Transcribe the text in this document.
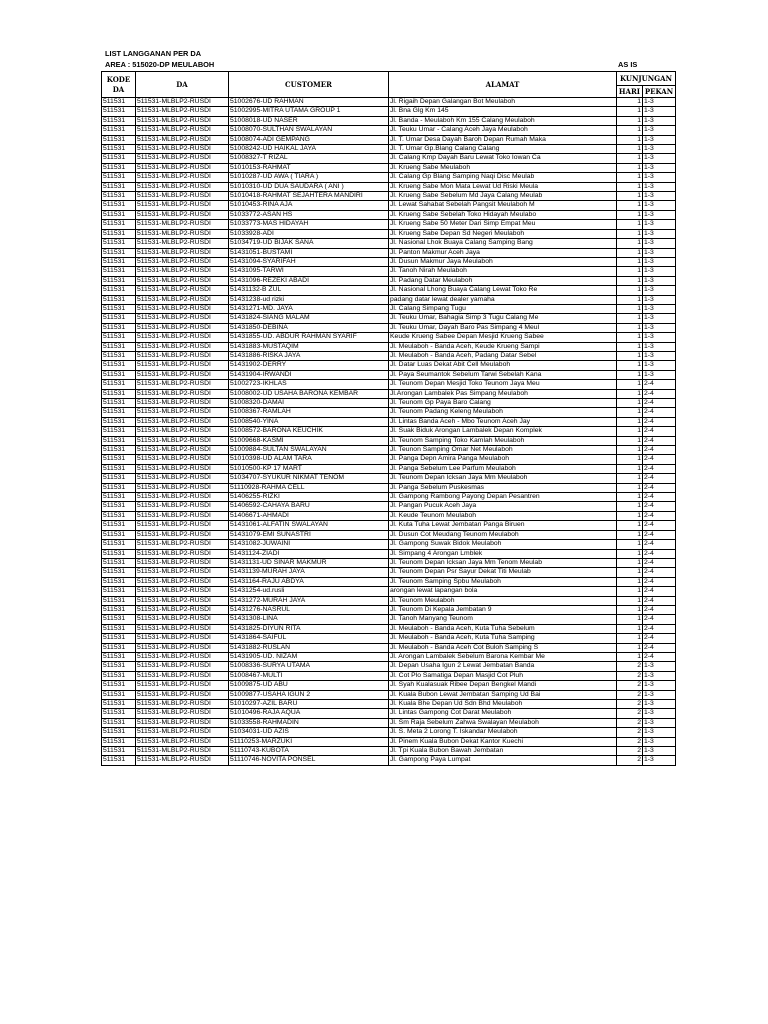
LIST LANGGANAN PER DA
AREA : 515020-DP MEULABOH	AS IS
KODE DA	DA	CUSTOMER	ALAMAT	KUNJUNGAN	
				HARI	PEKAN
511531	511531-MLBLP2-RUSDI	51002676-UD RAHMAN	Jl. Rigaih Depan Galangan Bot Meulaboh	1	1-3
511531	511531-MLBLP2-RUSDI	51002995-MITRA UTAMA GROUP 1	Jl. Bna Glg Km 145	1	1-3
511531	511531-MLBLP2-RUSDI	51008018-UD NASER	Jl. Banda - Meulaboh Km 155 Calang Meulaboh	1	1-3
511531	511531-MLBLP2-RUSDI	51008070-SULTHAN SWALAYAN	Jl. Teuku Umar - Calang Aceh Jaya Meulaboh	1	1-3
511531	511531-MLBLP2-RUSDI	51008074-ADI GEMPANG	Jl. T. Umar Desa Dayah Baroh Depan Rumah Maka	1	1-3
511531	511531-MLBLP2-RUSDI	51008242-UD HAIKAL JAYA	Jl. T. Umar Gp.Blang Calang Calang	1	1-3
511531	511531-MLBLP2-RUSDI	51008327-T RIZAL	Jl. Calang Kmp Dayah Baru Lewat Toko Iowan Ca	1	1-3
511531	511531-MLBLP2-RUSDI	51010153-RAHMAT	Jl. Krueng Sabe Meulaboh	1	1-3
511531	511531-MLBLP2-RUSDI	51010287-UD AWA ( TIARA )	Jl. Calang Gp Blang Samping Naqi Disc Meulab	1	1-3
511531	511531-MLBLP2-RUSDI	51010310-UD DUA SAUDARA ( ANI )	Jl. Krueng Sabe Mon Mata Lewat Ud Riski Meula	1	1-3
511531	511531-MLBLP2-RUSDI	51010418-RAHMAT SEJAHTERA MANDIRI	Jl. Krueng Sabe Sebelum Md Jaya Calang Meulab	1	1-3
511531	511531-MLBLP2-RUSDI	51010453-RINA AJA	Jl. Lewat Sahabat Sebelah Pangsit Meulaboh M	1	1-3
511531	511531-MLBLP2-RUSDI	51033772-ASAN HS	Jl. Krueng Sabe Sebelah Toko Hidayah Meulabo	1	1-3
511531	511531-MLBLP2-RUSDI	51033773-MAS HIDAYAH	Jl. Krueng Sabe 50 Meter Dari Simp Empat Meu	1	1-3
511531	511531-MLBLP2-RUSDI	51033928-ADI	Jl. Krueng Sabe Depan Sd Negeri Meulaboh	1	1-3
511531	511531-MLBLP2-RUSDI	51034719-UD BIJAK SANA	Jl. Nasional Lhok Buaya Calang Samping Bang	1	1-3
511531	511531-MLBLP2-RUSDI	51431051-BUSTAMI	Jl. Panton Makmur Aceh Jaya	1	1-3
511531	511531-MLBLP2-RUSDI	51431094-SYARIFAH	Jl. Dusun Makmur Jaya Meulaboh	1	1-3
511531	511531-MLBLP2-RUSDI	51431095-TARWI	Jl. Tanoh Nirah Meulaboh	1	1-3
511531	511531-MLBLP2-RUSDI	51431096-REZEKI ABADI	Jl. Padang Datar Meulaboh	1	1-3
511531	511531-MLBLP2-RUSDI	51431132-B ZUL	Jl. Nasional Lhong Buaya Calang Lewat Toko Re	1	1-3
511531	511531-MLBLP2-RUSDI	51431238-ud rizki	padang datar lewat dealer yamaha	1	1-3
511531	511531-MLBLP2-RUSDI	51431271-MD. JAYA	Jl. Calang Simpang Tugu	1	1-3
511531	511531-MLBLP2-RUSDI	51431824-SIANG MALAM	Jl. Teuku Umar, Bahagia Simp 3 Tugu Calang Me	1	1-3
511531	511531-MLBLP2-RUSDI	51431850-DEBINA	Jl. Teuku Umar, Dayah Baro Pas Simpang 4 Meul	1	1-3
511531	511531-MLBLP2-RUSDI	51431855-UD. ABDUR RAHMAN SYARIF	Keude Krueng Sabee Depan Mesjid Krueng Sabee	1	1-3
511531	511531-MLBLP2-RUSDI	51431883-MUSTAQIM	Jl. Meulaboh - Banda Aceh, Keude Krueng Sampi	1	1-3
511531	511531-MLBLP2-RUSDI	51431886-RISKA JAYA	Jl. Meulaboh - Banda Aceh, Padang Datar Sebel	1	1-3
511531	511531-MLBLP2-RUSDI	51431902-DERRY	Jl. Datar Luas Dekat Abit Cell Meulaboh	1	1-3
511531	511531-MLBLP2-RUSDI	51431904-IRWANDI	Jl. Paya Seumantok Sebelum Tarwi Sebelah Kana	1	1-3
511531	511531-MLBLP2-RUSDI	51002723-IKHLAS	Jl. Teunom Depan Mesjid Toko Teunom Jaya Meu	1	2-4
511531	511531-MLBLP2-RUSDI	51008002-UD USAHA BARONA KEMBAR	Jl.Arongan Lambalek Pas Simpang Meulaboh	1	2-4
511531	511531-MLBLP2-RUSDI	51008320-DAMAI	Jl. Teunom Gp Paya Baro Calang	1	2-4
511531	511531-MLBLP2-RUSDI	51008367-RAMLAH	Jl. Teunom Padang Keleng Meulaboh	1	2-4
511531	511531-MLBLP2-RUSDI	51008540-YINA	Jl. Lintas Banda Aceh - Mbo Teunom Aceh Jay	1	2-4
511531	511531-MLBLP2-RUSDI	51008572-BARONA KEUCHIK	Jl. Suak Biduk Arongan Lambalek Depan Komplek	1	2-4
511531	511531-MLBLP2-RUSDI	51009668-KASMI	Jl. Teunom Samping Toko Kamlah Meulaboh	1	2-4
511531	511531-MLBLP2-RUSDI	51009884-SULTAN SWALAYAN	Jl. Teunon Samping Omar Net Meulaboh	1	2-4
511531	511531-MLBLP2-RUSDI	51010398-UD ALAM TARA	Jl. Panga Depn Amira Panga Meulaboh	1	2-4
511531	511531-MLBLP2-RUSDI	51010500-KP 17 MART	Jl. Panga Sebelum Lee Parfum Meulaboh	1	2-4
511531	511531-MLBLP2-RUSDI	51034707-SYUKUR NIKMAT TENOM	Jl. Teunom Depan Icksan Jaya Mm Meulaboh	1	2-4
511531	511531-MLBLP2-RUSDI	51110928-RAHMA CELL	Jl. Panga Sebelum Puskesmas	1	2-4
511531	511531-MLBLP2-RUSDI	51406255-RIZKI	Jl. Gampong Rambong Payong Depan Pesantren	1	2-4
511531	511531-MLBLP2-RUSDI	51406592-CAHAYA BARU	Jl. Pangan Pucuk Aceh Jaya	1	2-4
511531	511531-MLBLP2-RUSDI	51406671-AHMADI	Jl. Keude Teunom Meulaboh	1	2-4
511531	511531-MLBLP2-RUSDI	51431061-ALFATIN SWALAYAN	Jl. Kuta Tuha Lewat Jembatan Panga Biruen	1	2-4
511531	511531-MLBLP2-RUSDI	51431079-EMI SUNASTRI	Jl. Dusun Cot Meudang Teunom Meulaboh	1	2-4
511531	511531-MLBLP2-RUSDI	51431082-JUWAINI	Jl. Gampong Suwak Bidok Meulaboh	1	2-4
511531	511531-MLBLP2-RUSDI	51431124-ZIADI	Jl. Simpang 4 Arongan Lmblek	1	2-4
511531	511531-MLBLP2-RUSDI	51431131-UD SINAR MAKMUR	Jl. Teunom Depan Icksan Jaya Mm Tenom Meulab	1	2-4
511531	511531-MLBLP2-RUSDI	51431139-MURAH JAYA	Jl. Teunom Depan Psr Sayur Dekat Titi Meulab	1	2-4
511531	511531-MLBLP2-RUSDI	51431164-RAJU ABDYA	Jl. Teunom Samping Spbu Meulaboh	1	2-4
511531	511531-MLBLP2-RUSDI	51431254-ud.rusli	arongan lewat lapangan bola	1	2-4
511531	511531-MLBLP2-RUSDI	51431272-MURAH JAYA	Jl. Teunom Meulaboh	1	2-4
511531	511531-MLBLP2-RUSDI	51431276-NASRUL	Jl. Teunom Di Kepala Jembatan 9	1	2-4
511531	511531-MLBLP2-RUSDI	51431308-LINA	Jl. Tanoh Manyang Teunom	1	2-4
511531	511531-MLBLP2-RUSDI	51431825-DIYUN RITA	Jl. Meulaboh - Banda Aceh, Kuta Tuha Sebelum	1	2-4
511531	511531-MLBLP2-RUSDI	51431864-SAIFUL	Jl. Meulaboh - Banda Aceh, Kuta Tuha Samping	1	2-4
511531	511531-MLBLP2-RUSDI	51431882-RUSLAN	Jl. Meulaboh - Banda Aceh Cot Buloh Samping S	1	2-4
511531	511531-MLBLP2-RUSDI	51431905-UD. NIZAM	Jl. Arongan Lambalek Sebelum Barona Kembar Me	1	2-4
511531	511531-MLBLP2-RUSDI	51008336-SURYA UTAMA	Jl. Depan Usaha Igun 2 Lewat Jembatan Banda	2	1-3
511531	511531-MLBLP2-RUSDI	51008467-MULTI	Jl. Cot Plo Samatiga Depan Masjid Cot Pluh	2	1-3
511531	511531-MLBLP2-RUSDI	51009875-UD ABU	Jl. Syah Kualasuak Ribee Depan Bengkel Mandi	2	1-3
511531	511531-MLBLP2-RUSDI	51009877-USAHA IGUN 2	Jl. Kuala Bubon Lewat Jembatan Samping Ud Bai	2	1-3
511531	511531-MLBLP2-RUSDI	51010297-AZIL BARU	Jl. Kuala Bhe Depan Ud Sdn Bhd Meulaboh	2	1-3
511531	511531-MLBLP2-RUSDI	51010496-RAJA AQUA	Jl. Lintas Gampong Cot Darat Meulaboh	2	1-3
511531	511531-MLBLP2-RUSDI	51033558-RAHMADIN	Jl. Sm Raja Sebelum Zahwa Swalayan Meulaboh	2	1-3
511531	511531-MLBLP2-RUSDI	51034031-UD AZIS	Jl. S. Meta 2 Lorong T. Iskandar Meulaboh	2	1-3
511531	511531-MLBLP2-RUSDI	51110253-MARZUKI	Jl. Pinem Kuala Bubon Dekat Kantor Kuechi	2	1-3
511531	511531-MLBLP2-RUSDI	51110743-KUBOTA	Jl. Tpi Kuala Bubon Bawah Jembatan	2	1-3
511531	511531-MLBLP2-RUSDI	51110746-NOVITA PONSEL	Jl. Gampong Paya Lumpat	2	1-3
